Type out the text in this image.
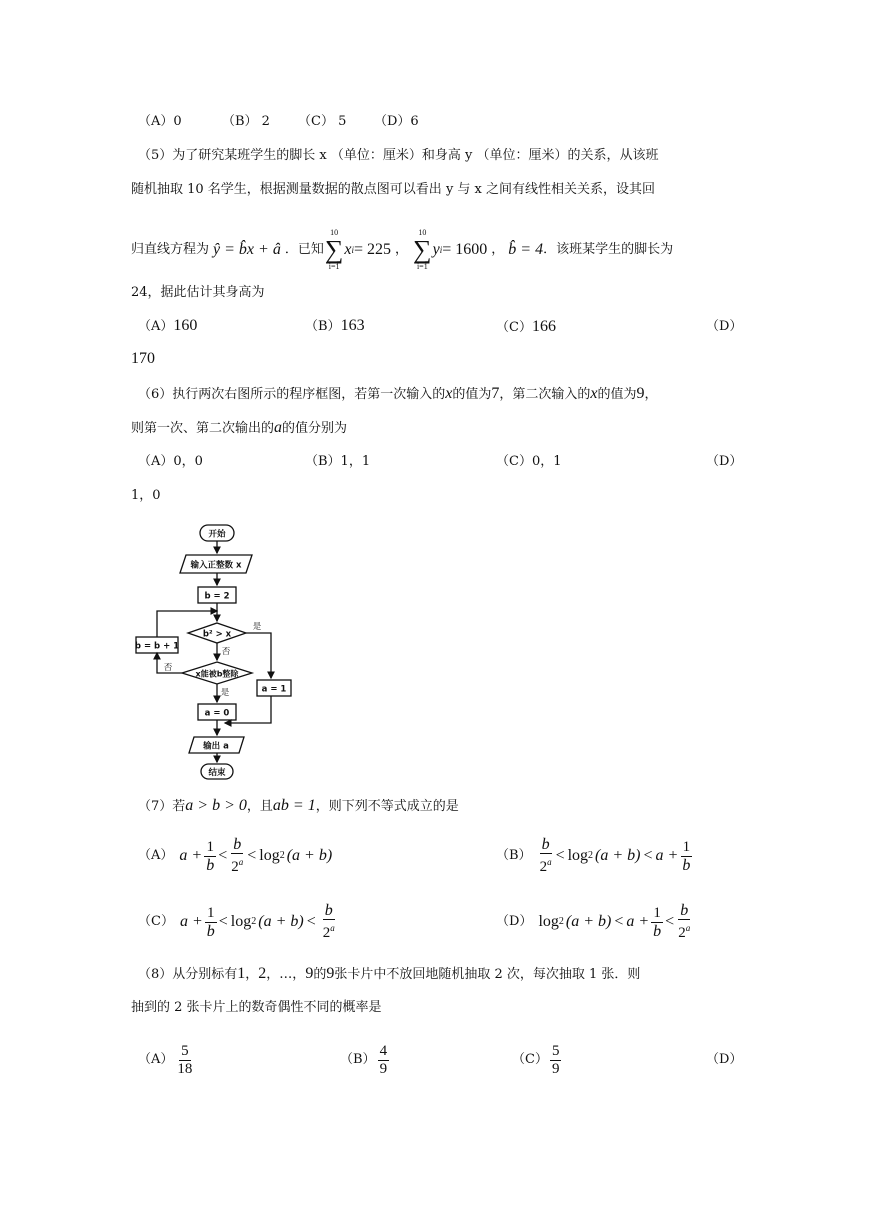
（A）0	（B） 2 （C） 5 （D）6
（5）为了研究某班学生的脚长 x （单位：厘米）和身高 y （单位：厘米）的关系，从该班
随机抽取 10 名学生，根据测量数据的散点图可以看出 y 与 x 之间有线性相关关系，设其回
归直线方程为 ŷ = b̂x + â ．已知
10
∑
i=1
x i = 225 ，
10
∑
i=1
y i = 1600 ， b̂ = 4 ．该班某学生的脚长为
24，据此估计其身高为
（A）160	（B）163	（C）166	（D）
170
（6）执行两次右图所示的程序框图，若第一次输入的x的值为7，第二次输入的x的值为9，
则第一次、第二次输出的a的值分别为
（A）0，0	（B）1，1	（C）0，1	（D）
1，0
开始
输入正整数 x
b = 2
b² > x
是
否
b = b + 1
x能被b整除
否
是	a = 1
a = 0
输出 a
结束
（7）若a > b > 0，且ab = 1，则下列不等式成立的是
（A） $a + \frac{1}{b} < \frac{b}{2^a} < \log 2$ (a + b)	$(B) \frac{b}{2^a} < \log 2$ $(a + b) < a + \frac{1}{b}$
（C） $a + \frac{1}{b} < \log 2$ $(a + b) < \frac{b}{2^a}$	（D） log 2 $(a + b) < a + \frac{1}{b} < \frac{b}{2^a}$
（8）从分别标有1，2，…，9的9张卡片中不放回地随机抽取 2 次，每次抽取 1 张．则
抽到的 2 张卡片上的数奇偶性不同的概率是
$(A) \frac{5}{18}$	$(B) \frac{4}{9}$	$(C) \frac{5}{9}$	（D）
